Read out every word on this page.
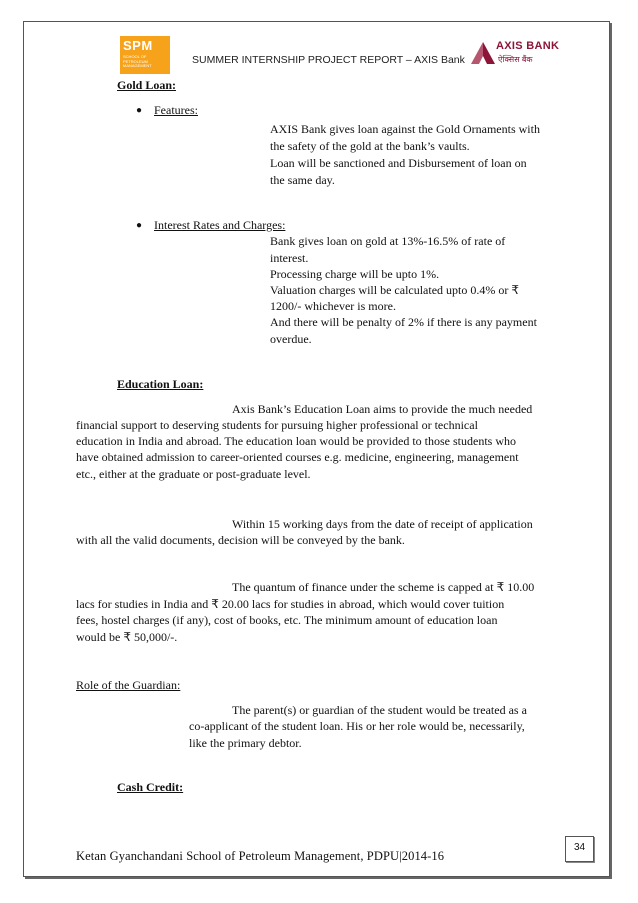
SPM
SCHOOL OF PETROLEUM MANAGEMENT	SUMMER INTERNSHIP PROJECT REPORT – AXIS Bank
AXIS BANK
ऐक्सिस बैंक
Gold Loan:
● Features:
AXIS Bank gives loan against the Gold Ornaments with
the safety of the gold at the bank’s vaults.
Loan will be sanctioned and Disbursement of loan on
the same day.
● Interest Rates and Charges:
Bank gives loan on gold at 13%-16.5% of rate of
interest.
Processing charge will be upto 1%.
Valuation charges will be calculated upto 0.4% or ₹
1200/- whichever is more.
And there will be penalty of 2% if there is any payment
overdue.
Education Loan:
Axis Bank’s Education Loan aims to provide the much needed
financial support to deserving students for pursuing higher professional or technical
education in India and abroad. The education loan would be provided to those students who
have obtained admission to career-oriented courses e.g. medicine, engineering, management
etc., either at the graduate or post-graduate level.
Within 15 working days from the date of receipt of application
with all the valid documents, decision will be conveyed by the bank.
The quantum of finance under the scheme is capped at ₹ 10.00
lacs for studies in India and ₹ 20.00 lacs for studies in abroad, which would cover tuition
fees, hostel charges (if any), cost of books, etc. The minimum amount of education loan
would be ₹ 50,000/-.
Role of the Guardian:
The parent(s) or guardian of the student would be treated as a
co-applicant of the student loan. His or her role would be, necessarily,
like the primary debtor.
Cash Credit:
34
Ketan Gyanchandani School of Petroleum Management, PDPU|2014-16
